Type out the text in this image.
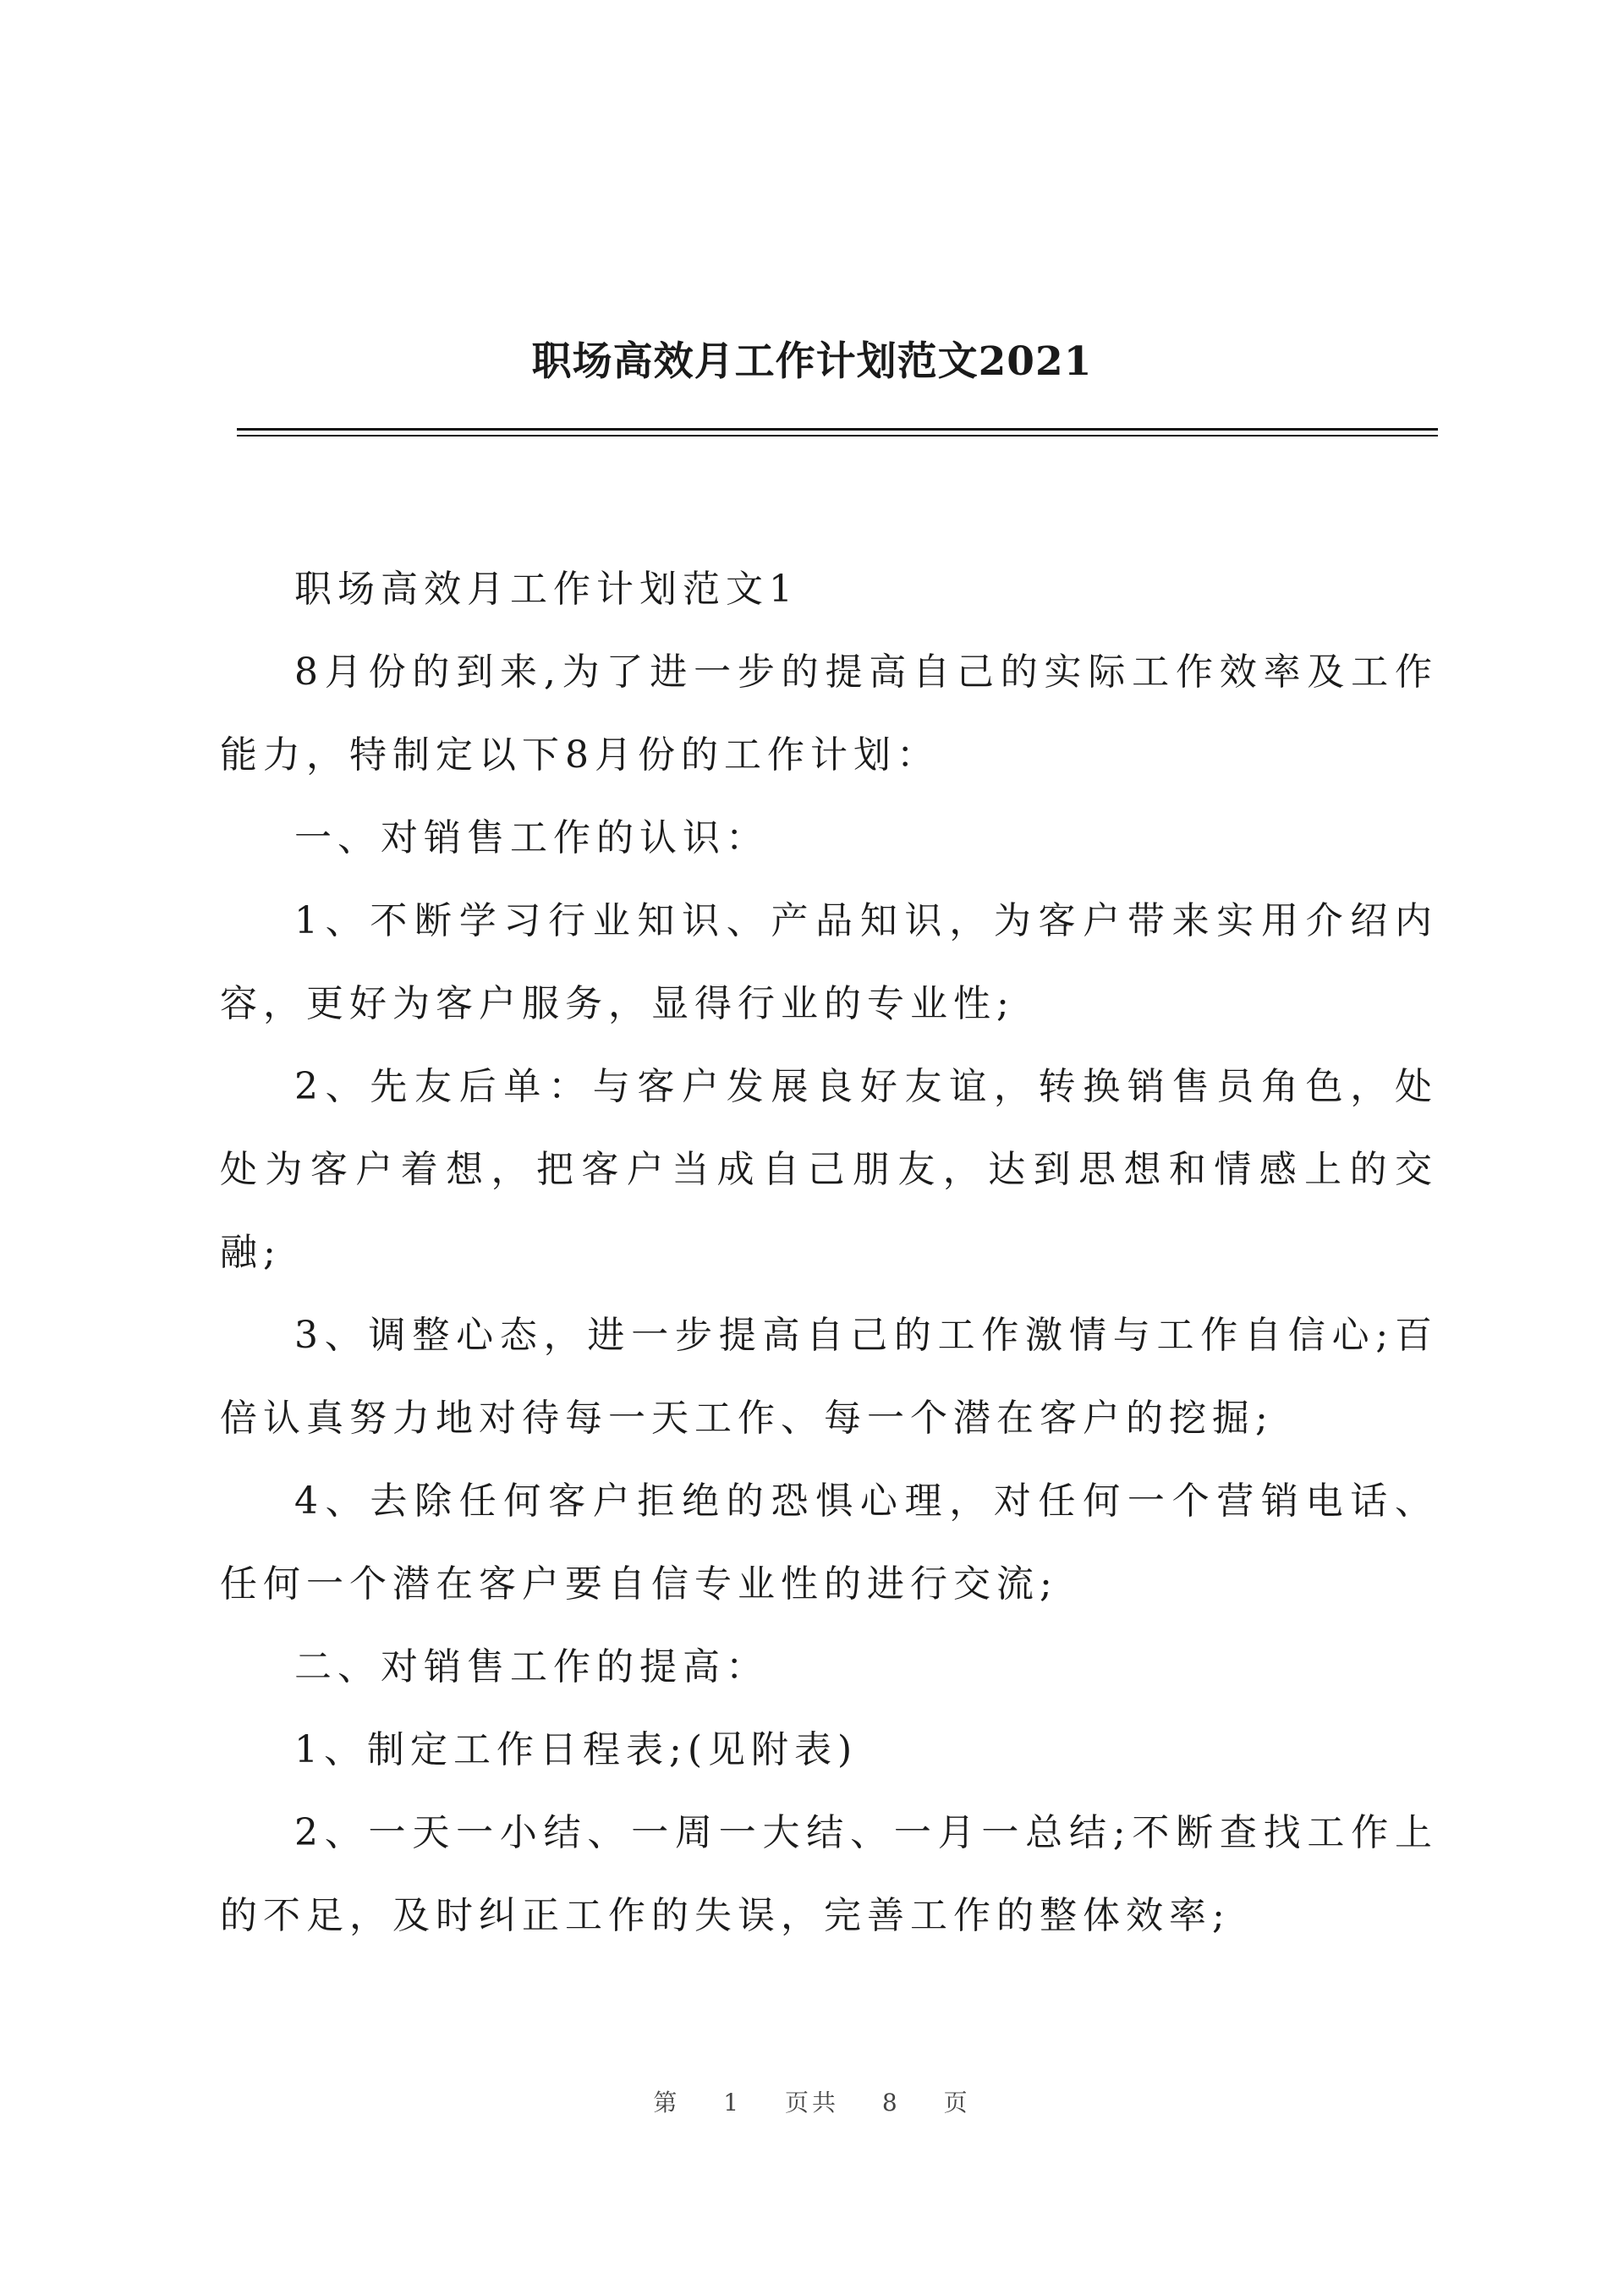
职场高效月工作计划范文2021

职场高效月工作计划范文1

8月份的到来,为了进一步的提高自己的实际工作效率及工作能力，特制定以下8月份的工作计划：

一、对销售工作的认识：

1、不断学习行业知识、产品知识，为客户带来实用介绍内容，更好为客户服务，显得行业的专业性;

2、先友后单：与客户发展良好友谊，转换销售员角色，处处为客户着想，把客户当成自己朋友，达到思想和情感上的交融;

3、调整心态，进一步提高自己的工作激情与工作自信心;百倍认真努力地对待每一天工作、每一个潜在客户的挖掘;

4、去除任何客户拒绝的恐惧心理，对任何一个营销电话、任何一个潜在客户要自信专业性的进行交流;

二、对销售工作的提高：

1、制定工作日程表;(见附表)

2、一天一小结、一周一大结、一月一总结;不断查找工作上的不足，及时纠正工作的失误，完善工作的整体效率;

第 1 页共 8 页
